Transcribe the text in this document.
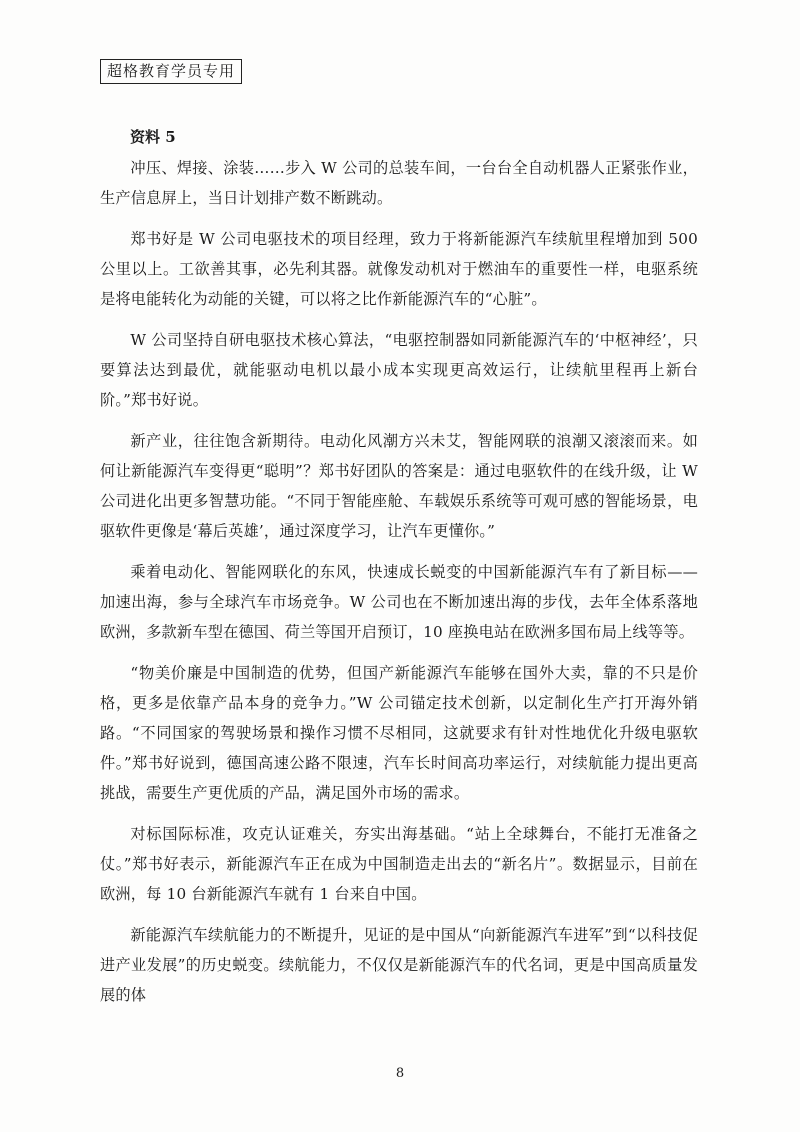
超格教育学员专用
资料 5

冲压、焊接、涂装……步入 W 公司的总装车间，一台台全自动机器人正紧张作业，生产信息屏上，当日计划排产数不断跳动。

郑书好是 W 公司电驱技术的项目经理，致力于将新能源汽车续航里程增加到 500 公里以上。工欲善其事，必先利其器。就像发动机对于燃油车的重要性一样，电驱系统是将电能转化为动能的关键，可以将之比作新能源汽车的“心脏”。

W 公司坚持自研电驱技术核心算法，“电驱控制器如同新能源汽车的‘中枢神经’，只要算法达到最优，就能驱动电机以最小成本实现更高效运行，让续航里程再上新台阶。”郑书好说。

新产业，往往饱含新期待。电动化风潮方兴未艾，智能网联的浪潮又滚滚而来。如何让新能源汽车变得更“聪明”？郑书好团队的答案是：通过电驱软件的在线升级，让 W 公司进化出更多智慧功能。“不同于智能座舱、车载娱乐系统等可观可感的智能场景，电驱软件更像是‘幕后英雄’，通过深度学习，让汽车更懂你。”

乘着电动化、智能网联化的东风，快速成长蜕变的中国新能源汽车有了新目标——加速出海，参与全球汽车市场竞争。W 公司也在不断加速出海的步伐，去年全体系落地欧洲，多款新车型在德国、荷兰等国开启预订，10 座换电站在欧洲多国布局上线等等。

“物美价廉是中国制造的优势，但国产新能源汽车能够在国外大卖，靠的不只是价格，更多是依靠产品本身的竞争力。”W 公司锚定技术创新，以定制化生产打开海外销路。“不同国家的驾驶场景和操作习惯不尽相同，这就要求有针对性地优化升级电驱软件。”郑书好说到，德国高速公路不限速，汽车长时间高功率运行，对续航能力提出更高挑战，需要生产更优质的产品，满足国外市场的需求。

对标国际标准，攻克认证难关，夯实出海基础。“站上全球舞台，不能打无准备之仗。”郑书好表示，新能源汽车正在成为中国制造走出去的“新名片”。数据显示，目前在欧洲，每 10 台新能源汽车就有 1 台来自中国。

新能源汽车续航能力的不断提升，见证的是中国从“向新能源汽车进军”到“以科技促进产业发展”的历史蜕变。续航能力，不仅仅是新能源汽车的代名词，更是中国高质量发展的体

8
